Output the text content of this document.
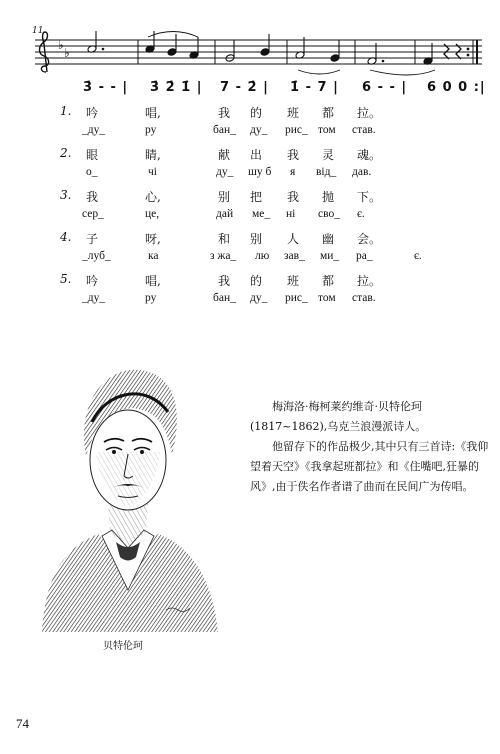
11
♭
♭
3̇ - - | 3̇ 2̇ 1̇ | 7 - 2̇ | 1̇ - 7 | 6 - - | 6 0 0 :|
1. 吟	唱,	我 的 班 都 拉。
_ду_	ру	бан_ ду_ рис_ том став.
2. 眼	睛,	献 出 我 灵 魂。
о_	чі	ду_ шу б я від_ дав.
3. 我	心,	别 把 我 抛 下。
сер_	це,	дай ме_ ні сво_ є.
4. 子	呀,	和 别 人 幽 会。
_луб_	ка	з жа_ лю зав_ ми_ ра_	є.
5. 吟	唱,	我 的 班 都 拉。
_ду_	ру	бан_ ду_ рис_ том став.
贝特伦珂

梅海洛·梅柯莱约维奇·贝特伦珂(1817~1862),乌克兰浪漫派诗人。

他留存下的作品极少,其中只有三首诗:《我仰望着天空》《我拿起班都拉》和《住嘴吧,狂暴的风》,由于佚名作者谱了曲而在民间广为传唱。

74
